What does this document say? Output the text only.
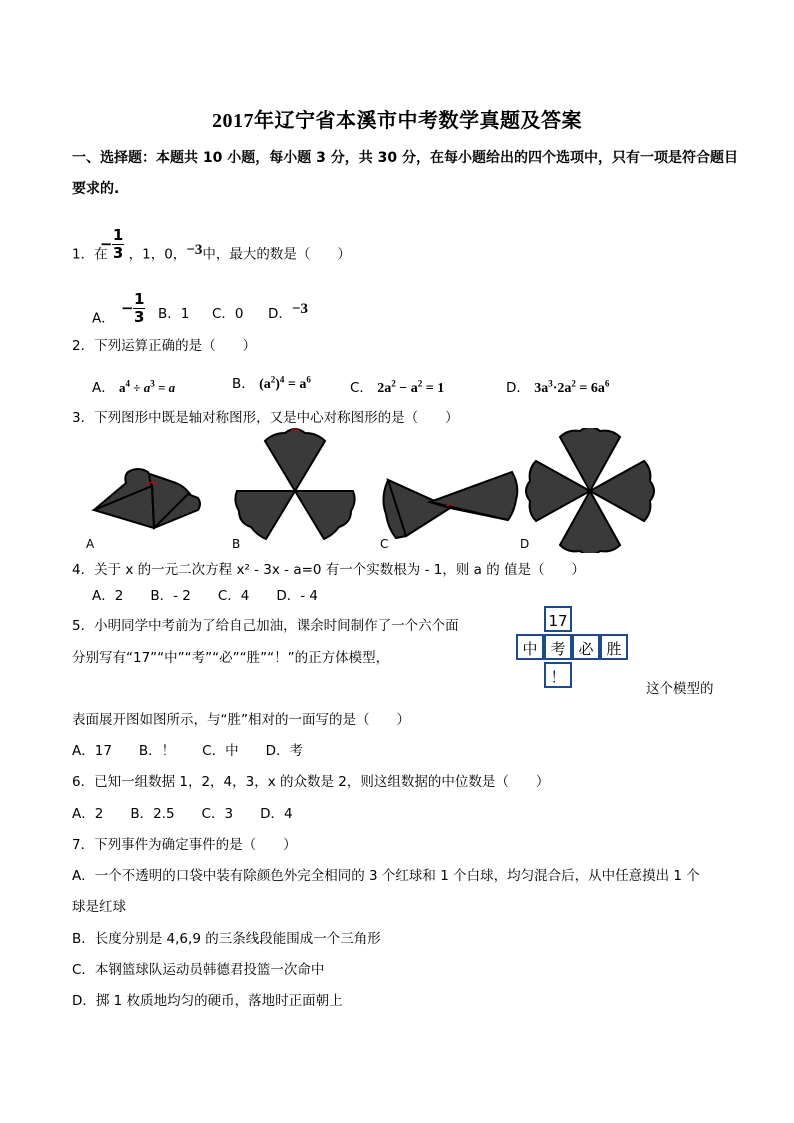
2017年辽宁省本溪市中考数学真题及答案
一、选择题：本题共 10 小题，每小题 3 分，共 30 分，在每小题给出的四个选项中，只有一项是符合题目
要求的.
1．在
− 1
3 ，1，0，−3中，最大的数是（　　）
A．
− 1
3 B．1 C．0 D．−3
2．下列运算正确的是（　　）
A． $a^4 \div a^3 = a$	B． $(a^2)^4 = a^6$
C． $2a^2 - a^2 = 1$	D． $3a^3\cdot 2a^2 = 6a^6$
3．下列图形中既是轴对称图形，又是中心对称图形的是（　　）
A	B	C	D
4．关于 x 的一元二次方程 x² - 3x - a=0 有一个实数根为 - 1，则 a 的 值是（　　）
A．2　　B．- 2　　C．4　　D．- 4
5．小明同学中考前为了给自己加油，课余时间制作了一个六个面
分别写有“17”“中”“考”“必”“胜”“！”的正方体模型，
17
中 考 必 胜
！
这个模型的
表面展开图如图所示，与“胜”相对的一面写的是（　　）
A．17　　B．！　　C．中　　D．考
6．已知一组数据 1，2，4，3，x 的众数是 2，则这组数据的中位数是（　　）
A．2　　B．2.5　　C．3　　D．4
7．下列事件为确定事件的是（　　）
A．一个不透明的口袋中装有除颜色外完全相同的 3 个红球和 1 个白球，均匀混合后，从中任意摸出 1 个
球是红球
B．长度分别是 4,6,9 的三条线段能围成一个三角形
C．本钢篮球队运动员韩德君投篮一次命中
D．掷 1 枚质地均匀的硬币，落地时正面朝上
